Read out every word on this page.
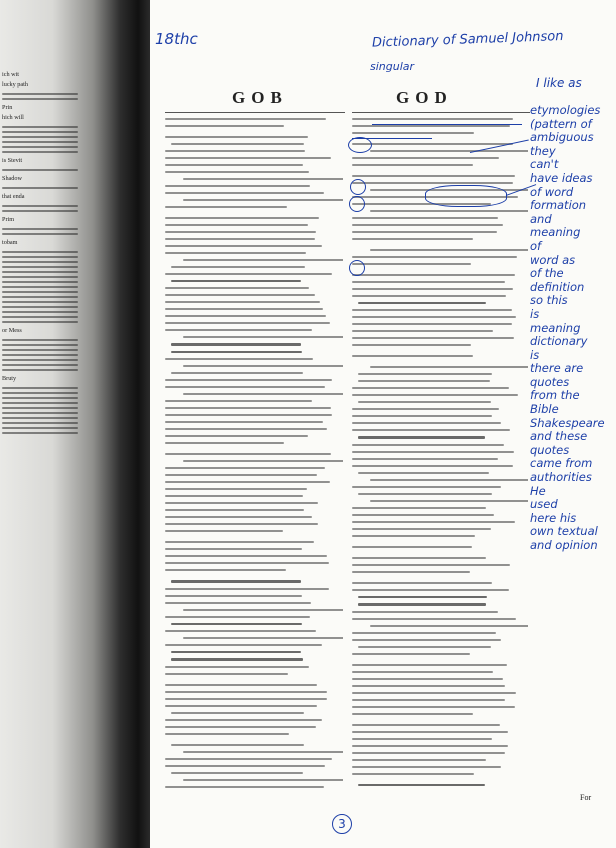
ich wit
lucky path
Prin
hich will
is Stevit
Shadow
that enda
Prim
tobam
or Mess
Bruty
GOB	GOD
18thc	Dictionary of Samuel Johnson
singular
I like as
etymologies
(pattern of
ambiguous
they
can't
have ideas
of word
formation
and
meaning
of
word as
of the
definition
so this
is
meaning
dictionary
is
there are
quotes
from the
Bible
Shakespeare
and these
quotes
came from
authorities
He
used
here his
own textual
and opinion
3
For
